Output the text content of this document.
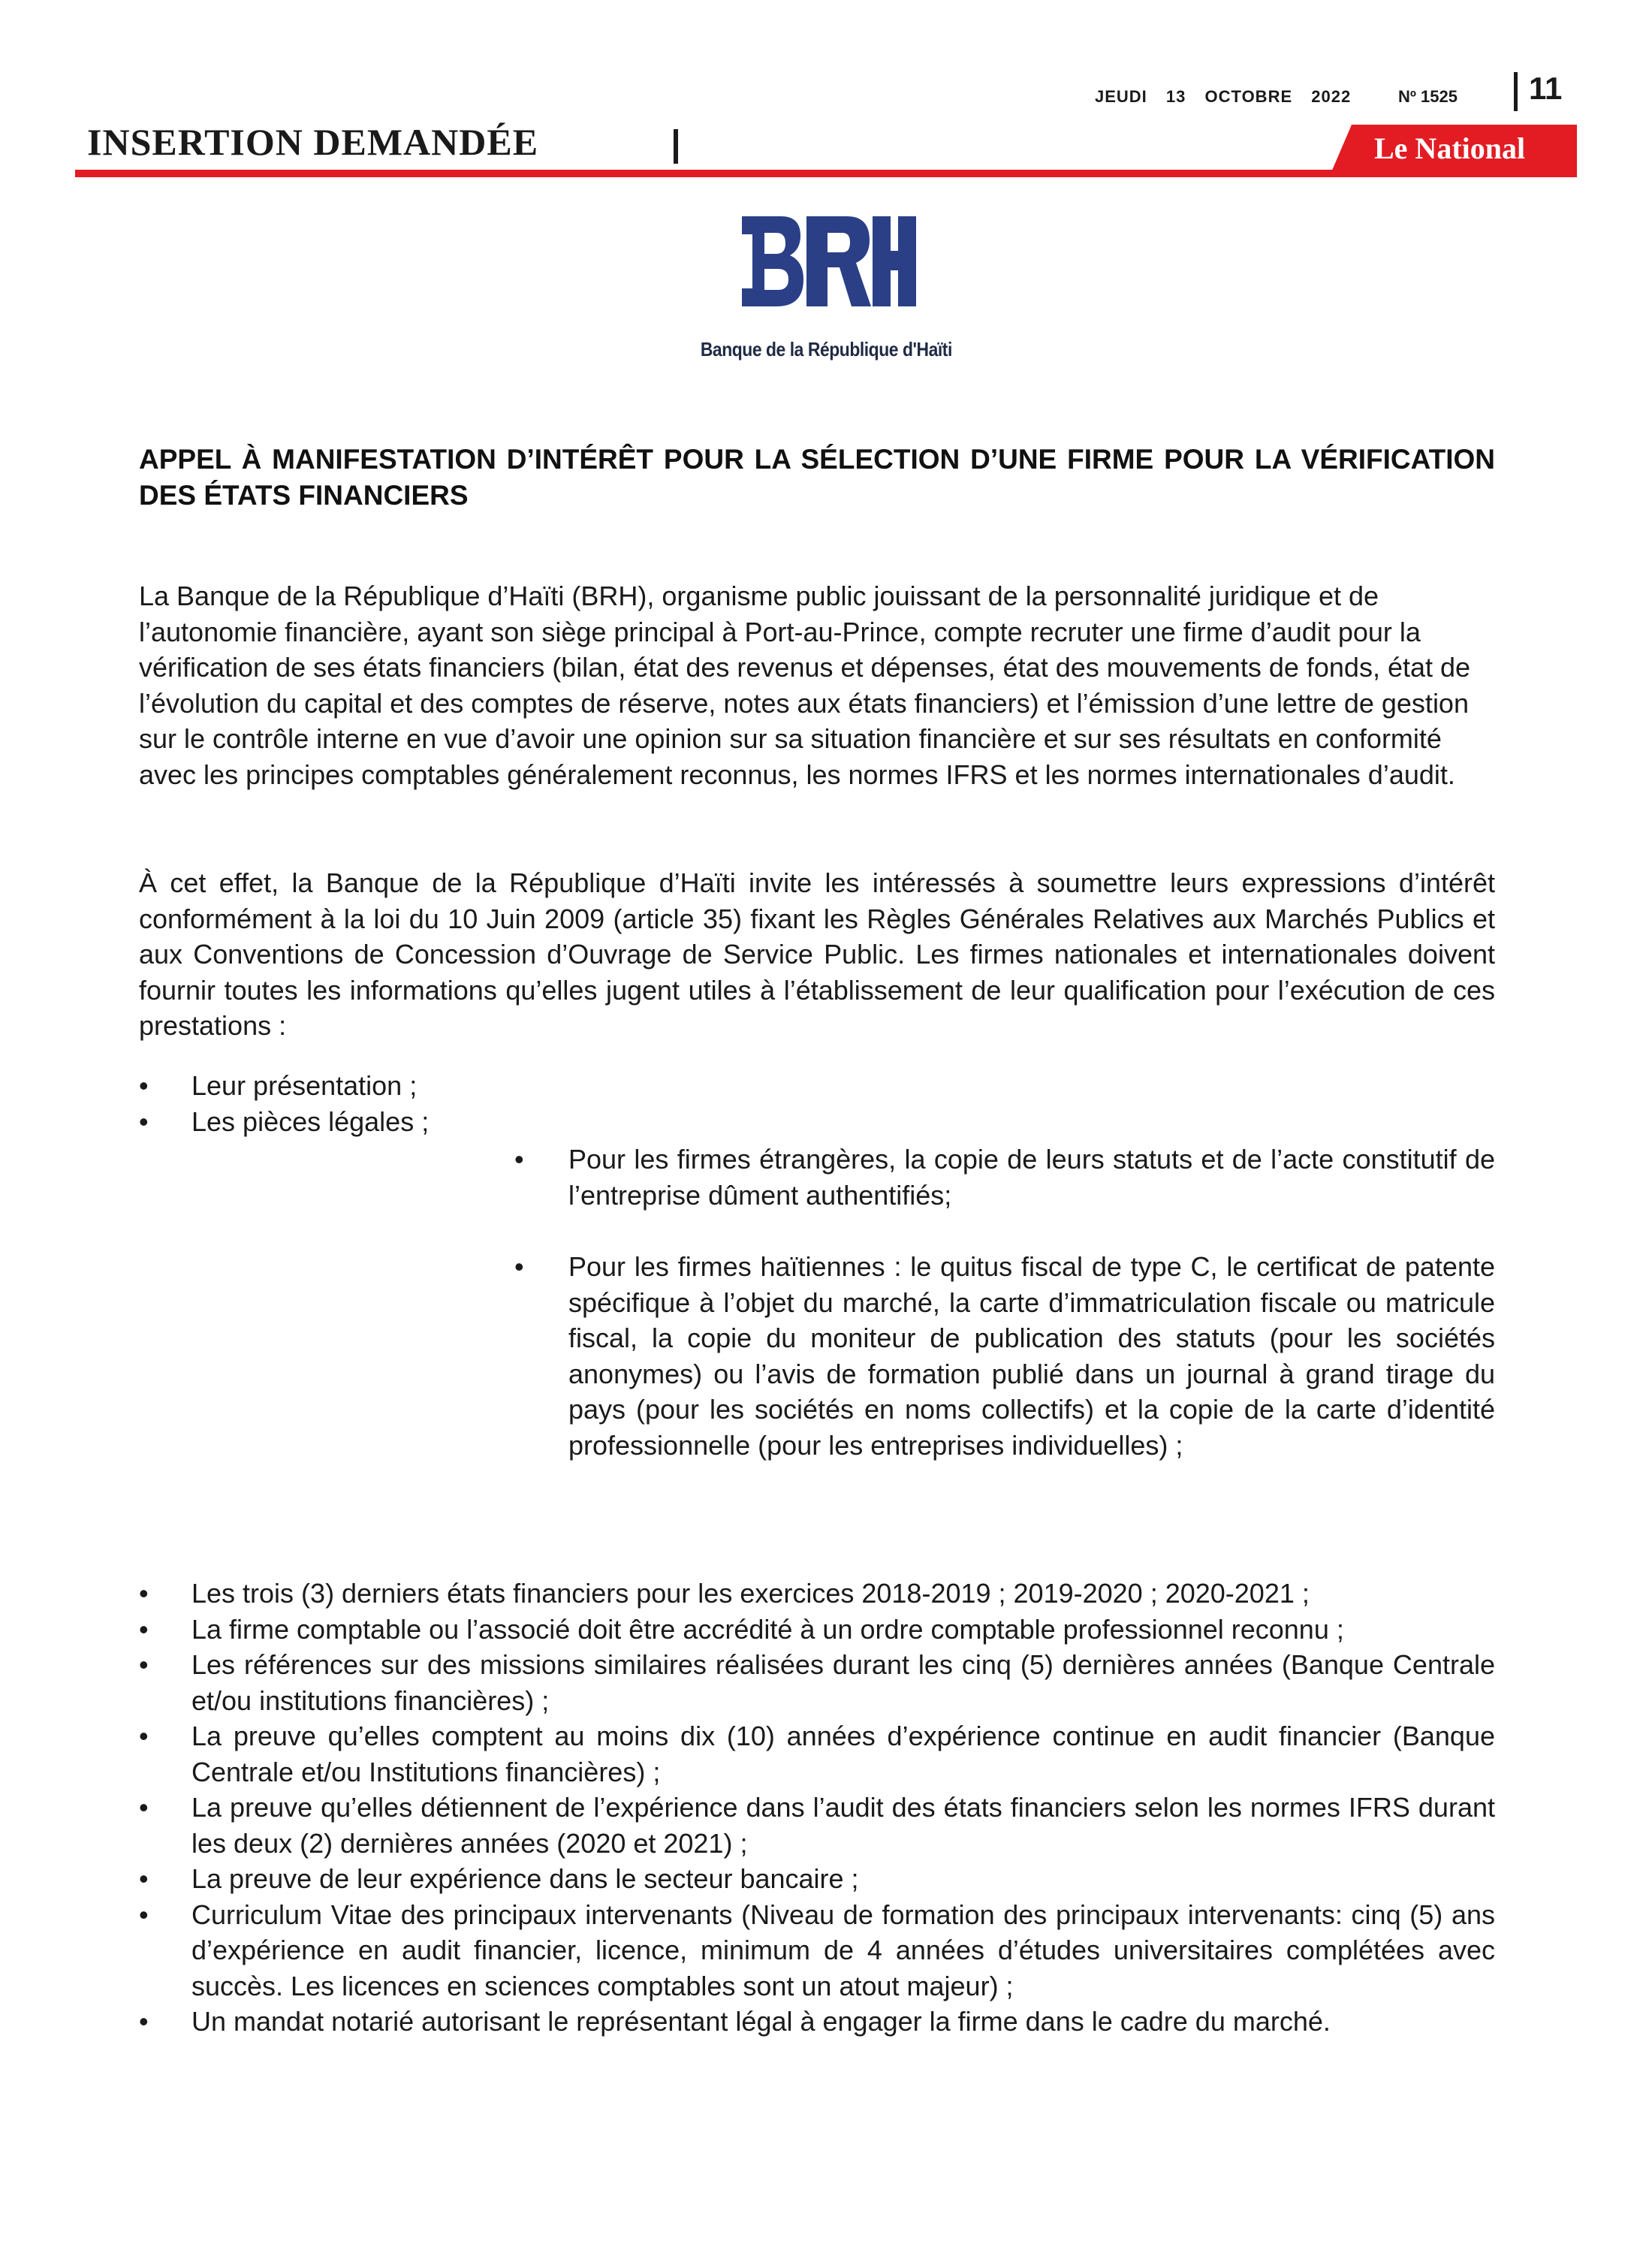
JEUDI 13 OCTOBRE 2022	Nº 1525 11
INSERTION DEMANDÉE	Le National
Banque de la République d'Haïti
APPEL À MANIFESTATION D’INTÉRÊT POUR LA SÉLECTION D’UNE FIRME POUR LA VÉRIFICATION DES ÉTATS FINANCIERS

La Banque de la République d’Haïti (BRH), organisme public jouissant de la personnalité juridique et de l’autonomie financière, ayant son siège principal à Port-au-Prince, compte recruter une firme d’audit pour la vérification de ses états financiers (bilan, état des revenus et dépenses, état des mouvements de fonds, état de l’évolution du capital et des comptes de réserve, notes aux états financiers) et l’émission d’une lettre de gestion sur le contrôle interne en vue d’avoir une opinion sur sa situation financière et sur ses résultats en conformité avec les principes comptables généralement reconnus, les normes IFRS et les normes internationales d’audit.

À cet effet, la Banque de la République d’Haïti invite les intéressés à soumettre leurs expressions d’intérêt conformément à la loi du 10 Juin 2009 (article 35) fixant les Règles Générales Relatives aux Marchés Publics et aux Conventions de Concession d’Ouvrage de Service Public. Les firmes nationales et internationales doivent fournir toutes les informations qu’elles jugent utiles à l’établissement de leur qualification pour l’exécution de ces prestations :

• Leur présentation ;
• Les pièces légales ;
• Pour les firmes étrangères, la copie de leurs statuts et de l’acte constitutif de l’entreprise dûment authentifiés;
• Pour les firmes haïtiennes : le quitus fiscal de type C, le certificat de patente spécifique à l’objet du marché, la carte d’immatriculation fiscale ou matricule fiscal, la copie du moniteur de publication des statuts (pour les sociétés anonymes) ou l’avis de formation publié dans un journal à grand tirage du pays (pour les sociétés en noms collectifs) et la copie de la carte d’identité professionnelle (pour les entreprises individuelles) ;
• Les trois (3) derniers états financiers pour les exercices 2018-2019 ; 2019-2020 ; 2020-2021 ;
• La firme comptable ou l’associé doit être accrédité à un ordre comptable professionnel reconnu ;
• Les références sur des missions similaires réalisées durant les cinq (5) dernières années (Banque Centrale et/ou institutions financières) ;
• La preuve qu’elles comptent au moins dix (10) années d’expérience continue en audit financier (Banque Centrale et/ou Institutions financières) ;
• La preuve qu’elles détiennent de l’expérience dans l’audit des états financiers selon les normes IFRS durant les deux (2) dernières années (2020 et 2021) ;
• La preuve de leur expérience dans le secteur bancaire ;
• Curriculum Vitae des principaux intervenants (Niveau de formation des principaux intervenants: cinq (5) ans d’expérience en audit financier, licence, minimum de 4 années d’études universitaires complétées avec succès. Les licences en sciences comptables sont un atout majeur) ;
• Un mandat notarié autorisant le représentant légal à engager la firme dans le cadre du marché.
